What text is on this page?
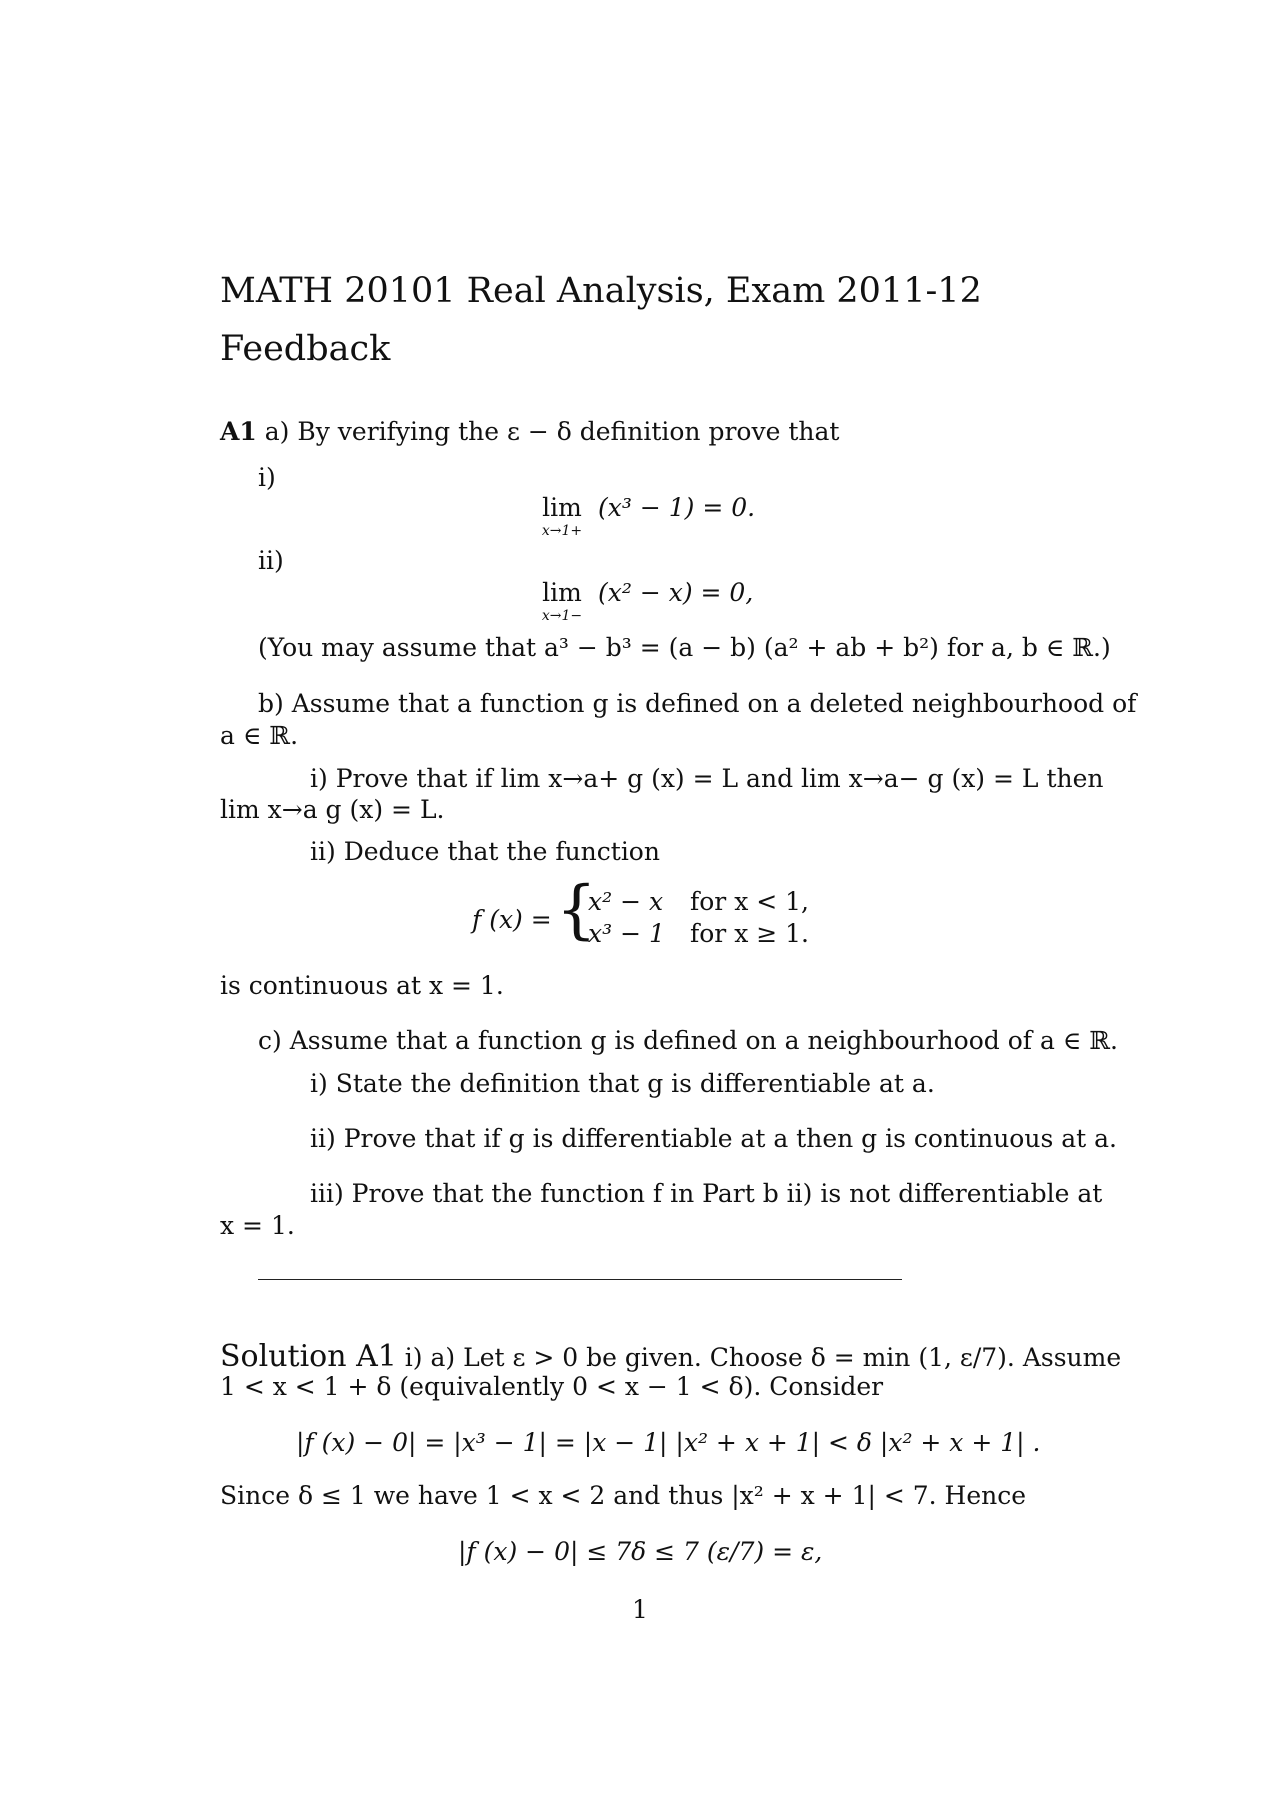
MATH 20101 Real Analysis, Exam 2011-12
Feedback
A1 a) By verifying the ε − δ definition prove that
i)
lim
x→1+
(x³ − 1) = 0.
ii)
lim
x→1−
(x² − x) = 0,
(You may assume that a³ − b³ = (a − b) (a² + ab + b²) for a, b ∈ ℝ.)
b) Assume that a function g is defined on a deleted neighbourhood of
a ∈ ℝ.
i) Prove that if lim x→a+ g (x) = L and lim x→a− g (x) = L then
lim x→a g (x) = L.
ii) Deduce that the function
f (x) = {
x² − x for x < 1,
x³ − 1 for x ≥ 1.
is continuous at x = 1.
c) Assume that a function g is defined on a neighbourhood of a ∈ ℝ.
i) State the definition that g is differentiable at a.
ii) Prove that if g is differentiable at a then g is continuous at a.
iii) Prove that the function f in Part b ii) is not differentiable at
x = 1.
Solution A1 i) a) Let ε > 0 be given. Choose δ = min (1, ε/7). Assume
1 < x < 1 + δ (equivalently 0 < x − 1 < δ). Consider
|f (x) − 0| = |x³ − 1| = |x − 1| |x² + x + 1| < δ |x² + x + 1| .
Since δ ≤ 1 we have 1 < x < 2 and thus |x² + x + 1| < 7. Hence
|f (x) − 0| ≤ 7δ ≤ 7 (ε/7) = ε,
1
